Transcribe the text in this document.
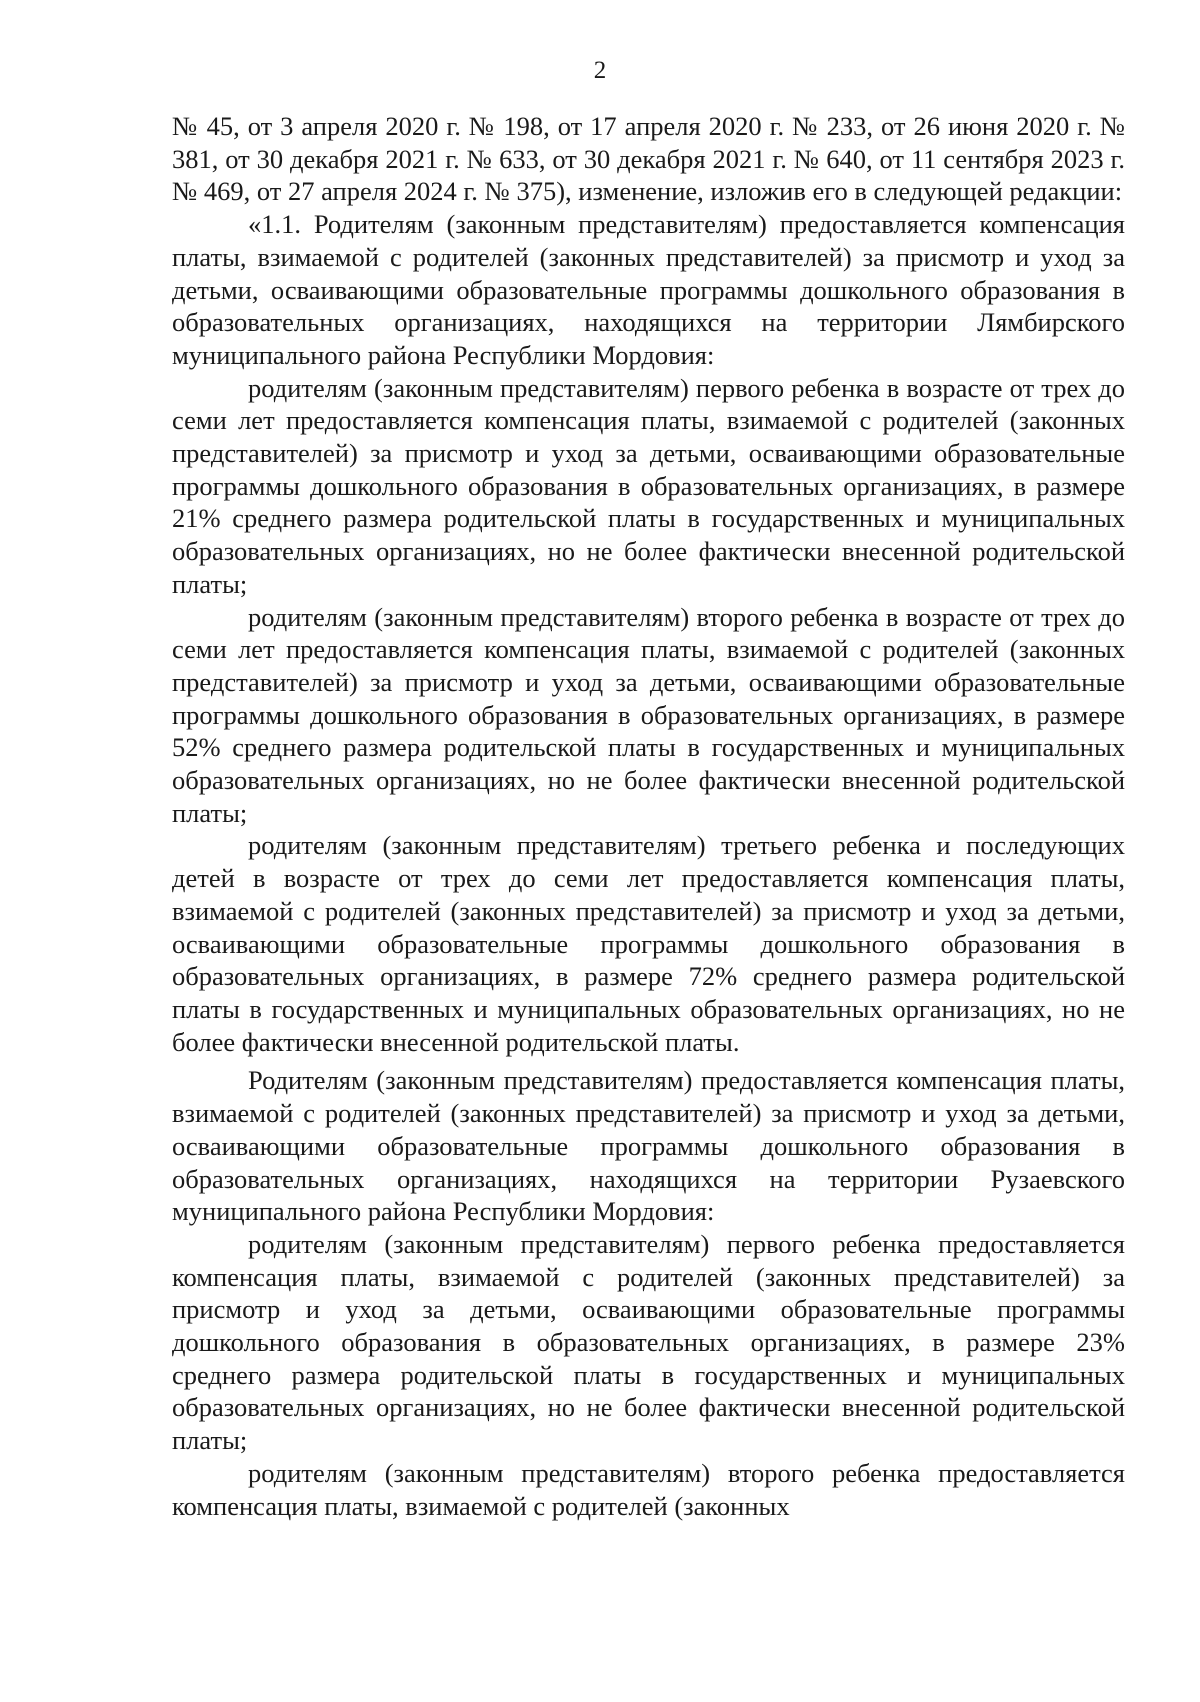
2

№ 45, от 3 апреля 2020 г. № 198, от 17 апреля 2020 г. № 233, от 26 июня 2020 г. № 381, от 30 декабря 2021 г. № 633, от 30 декабря 2021 г. № 640, от 11 сентября 2023 г. № 469, от 27 апреля 2024 г. № 375), изменение, изложив его в следующей редакции:

«1.1. Родителям (законным представителям) предоставляется компенсация платы, взимаемой с родителей (законных представителей) за присмотр и уход за детьми, осваивающими образовательные программы дошкольного образования в образовательных организациях, находящихся на территории Лямбирского муниципального района Республики Мордовия:

родителям (законным представителям) первого ребенка в возрасте от трех до семи лет предоставляется компенсация платы, взимаемой с родителей (законных представителей) за присмотр и уход за детьми, осваивающими образовательные программы дошкольного образования в образовательных организациях, в размере 21% среднего размера родительской платы в государственных и муниципальных образовательных организациях, но не более фактически внесенной родительской платы;

родителям (законным представителям) второго ребенка в возрасте от трех до семи лет предоставляется компенсация платы, взимаемой с родителей (законных представителей) за присмотр и уход за детьми, осваивающими образовательные программы дошкольного образования в образовательных организациях, в размере 52% среднего размера родительской платы в государственных и муниципальных образовательных организациях, но не более фактически внесенной родительской платы;

родителям (законным представителям) третьего ребенка и последующих детей в возрасте от трех до семи лет предоставляется компенсация платы, взимаемой с родителей (законных представителей) за присмотр и уход за детьми, осваивающими образовательные программы дошкольного образования в образовательных организациях, в размере 72% среднего размера родительской платы в государственных и муниципальных образовательных организациях, но не более фактически внесенной родительской платы.

Родителям (законным представителям) предоставляется компенсация платы, взимаемой с родителей (законных представителей) за присмотр и уход за детьми, осваивающими образовательные программы дошкольного образования в образовательных организациях, находящихся на территории Рузаевского муниципального района Республики Мордовия:

родителям (законным представителям) первого ребенка предоставляется компенсация платы, взимаемой с родителей (законных представителей) за присмотр и уход за детьми, осваивающими образовательные программы дошкольного образования в образовательных организациях, в размере 23% среднего размера родительской платы в государственных и муниципальных образовательных организациях, но не более фактически внесенной родительской платы;

родителям (законным представителям) второго ребенка предоставляется компенсация платы, взимаемой с родителей (законных
